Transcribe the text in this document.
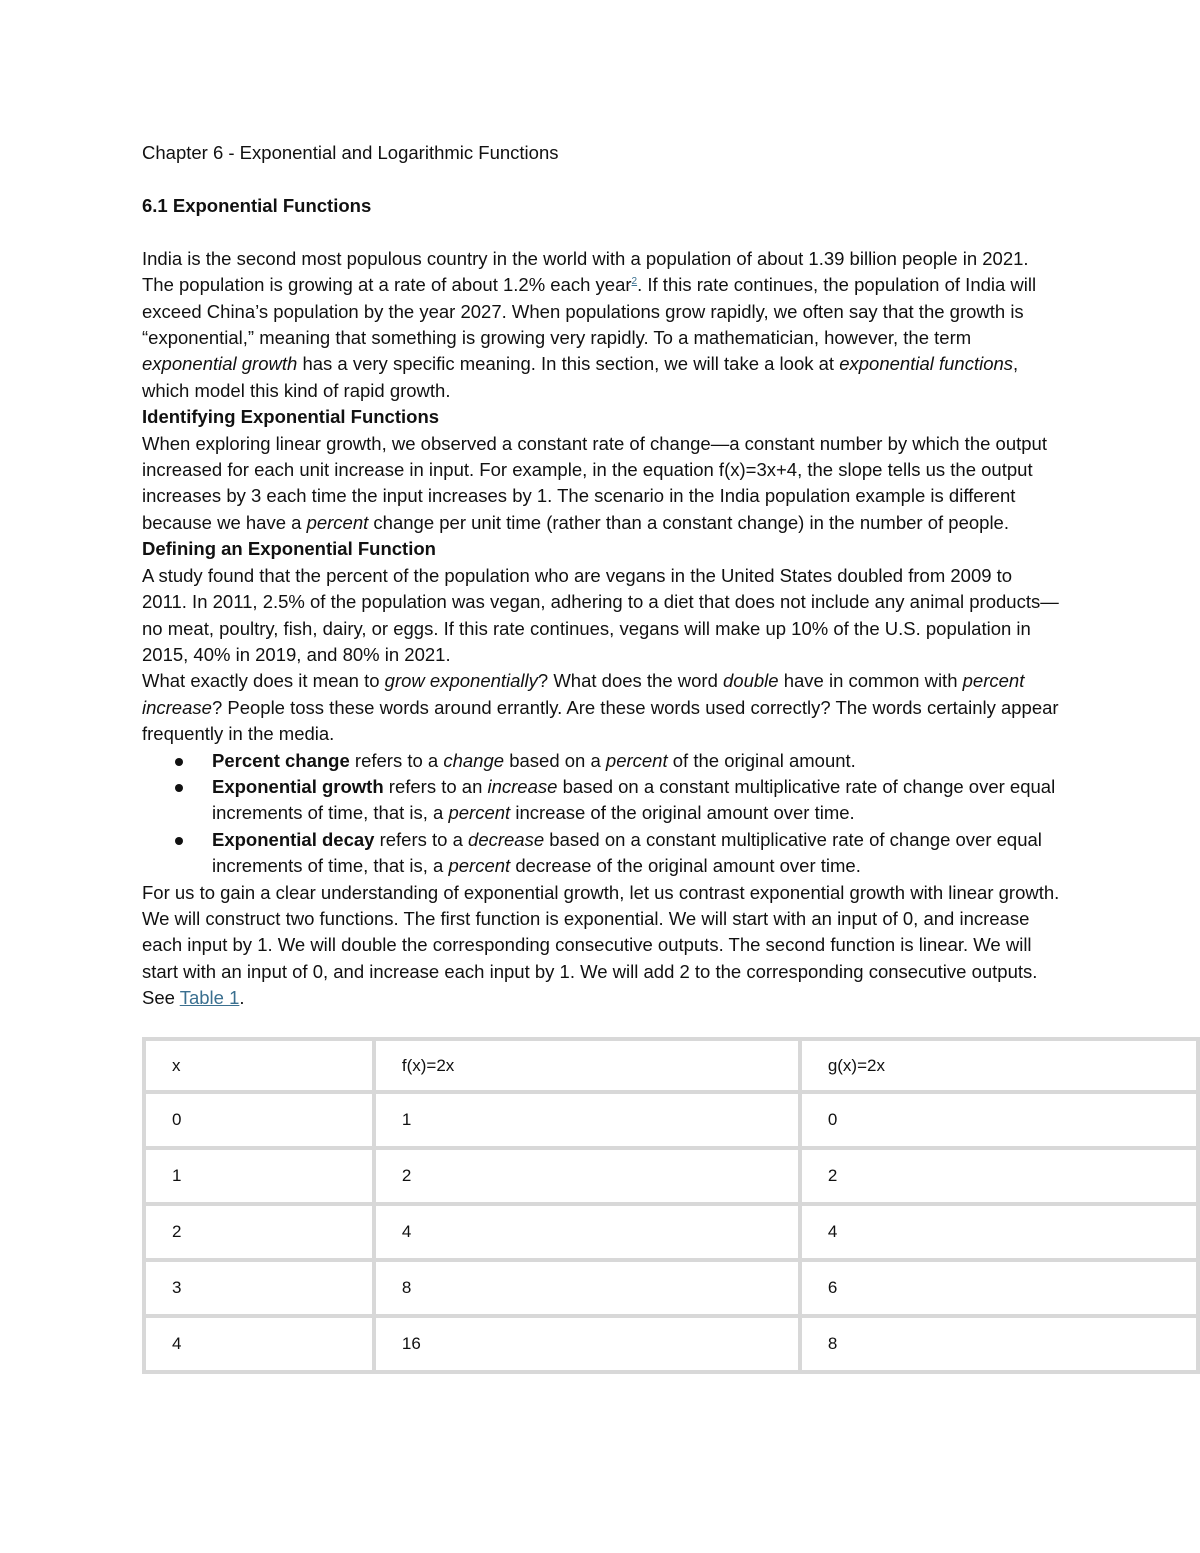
Chapter 6 - Exponential and Logarithmic Functions
6.1 Exponential Functions

India is the second most populous country in the world with a population of about 1.39 billion people in 2021. The population is growing at a rate of about 1.2% each year$^2$. If this rate continues, the population of India will exceed China’s population by the year 2027. When populations grow rapidly, we often say that the growth is “exponential,” meaning that something is growing very rapidly. To a mathematician, however, the term exponential growth has a very specific meaning. In this section, we will take a look at exponential functions, which model this kind of rapid growth.

Identifying Exponential Functions

When exploring linear growth, we observed a constant rate of change—a constant number by which the output increased for each unit increase in input. For example, in the equation f(x)=3x+4, the slope tells us the output increases by 3 each time the input increases by 1. The scenario in the India population example is different because we have a percent change per unit time (rather than a constant change) in the number of people.

Defining an Exponential Function

A study found that the percent of the population who are vegans in the United States doubled from 2009 to 2011. In 2011, 2.5% of the population was vegan, adhering to a diet that does not include any animal products—no meat, poultry, fish, dairy, or eggs. If this rate continues, vegans will make up 10% of the U.S. population in 2015, 40% in 2019, and 80% in 2021.

What exactly does it mean to grow exponentially? What does the word double have in common with percent increase? People toss these words around errantly. Are these words used correctly? The words certainly appear frequently in the media.

Percent change refers to a change based on a percent of the original amount.
Exponential growth refers to an increase based on a constant multiplicative rate of change over equal increments of time, that is, a percent increase of the original amount over time.
Exponential decay refers to a decrease based on a constant multiplicative rate of change over equal increments of time, that is, a percent decrease of the original amount over time.

For us to gain a clear understanding of exponential growth, let us contrast exponential growth with linear growth. We will construct two functions. The first function is exponential. We will start with an input of 0, and increase each input by 1. We will double the corresponding consecutive outputs. The second function is linear. We will start with an input of 0, and increase each input by 1. We will add 2 to the corresponding consecutive outputs. See Table 1.

x	f(x)=2x	g(x)=2x
0	1	0
1	2	2
2	4	4
3	8	6
4	16	8
